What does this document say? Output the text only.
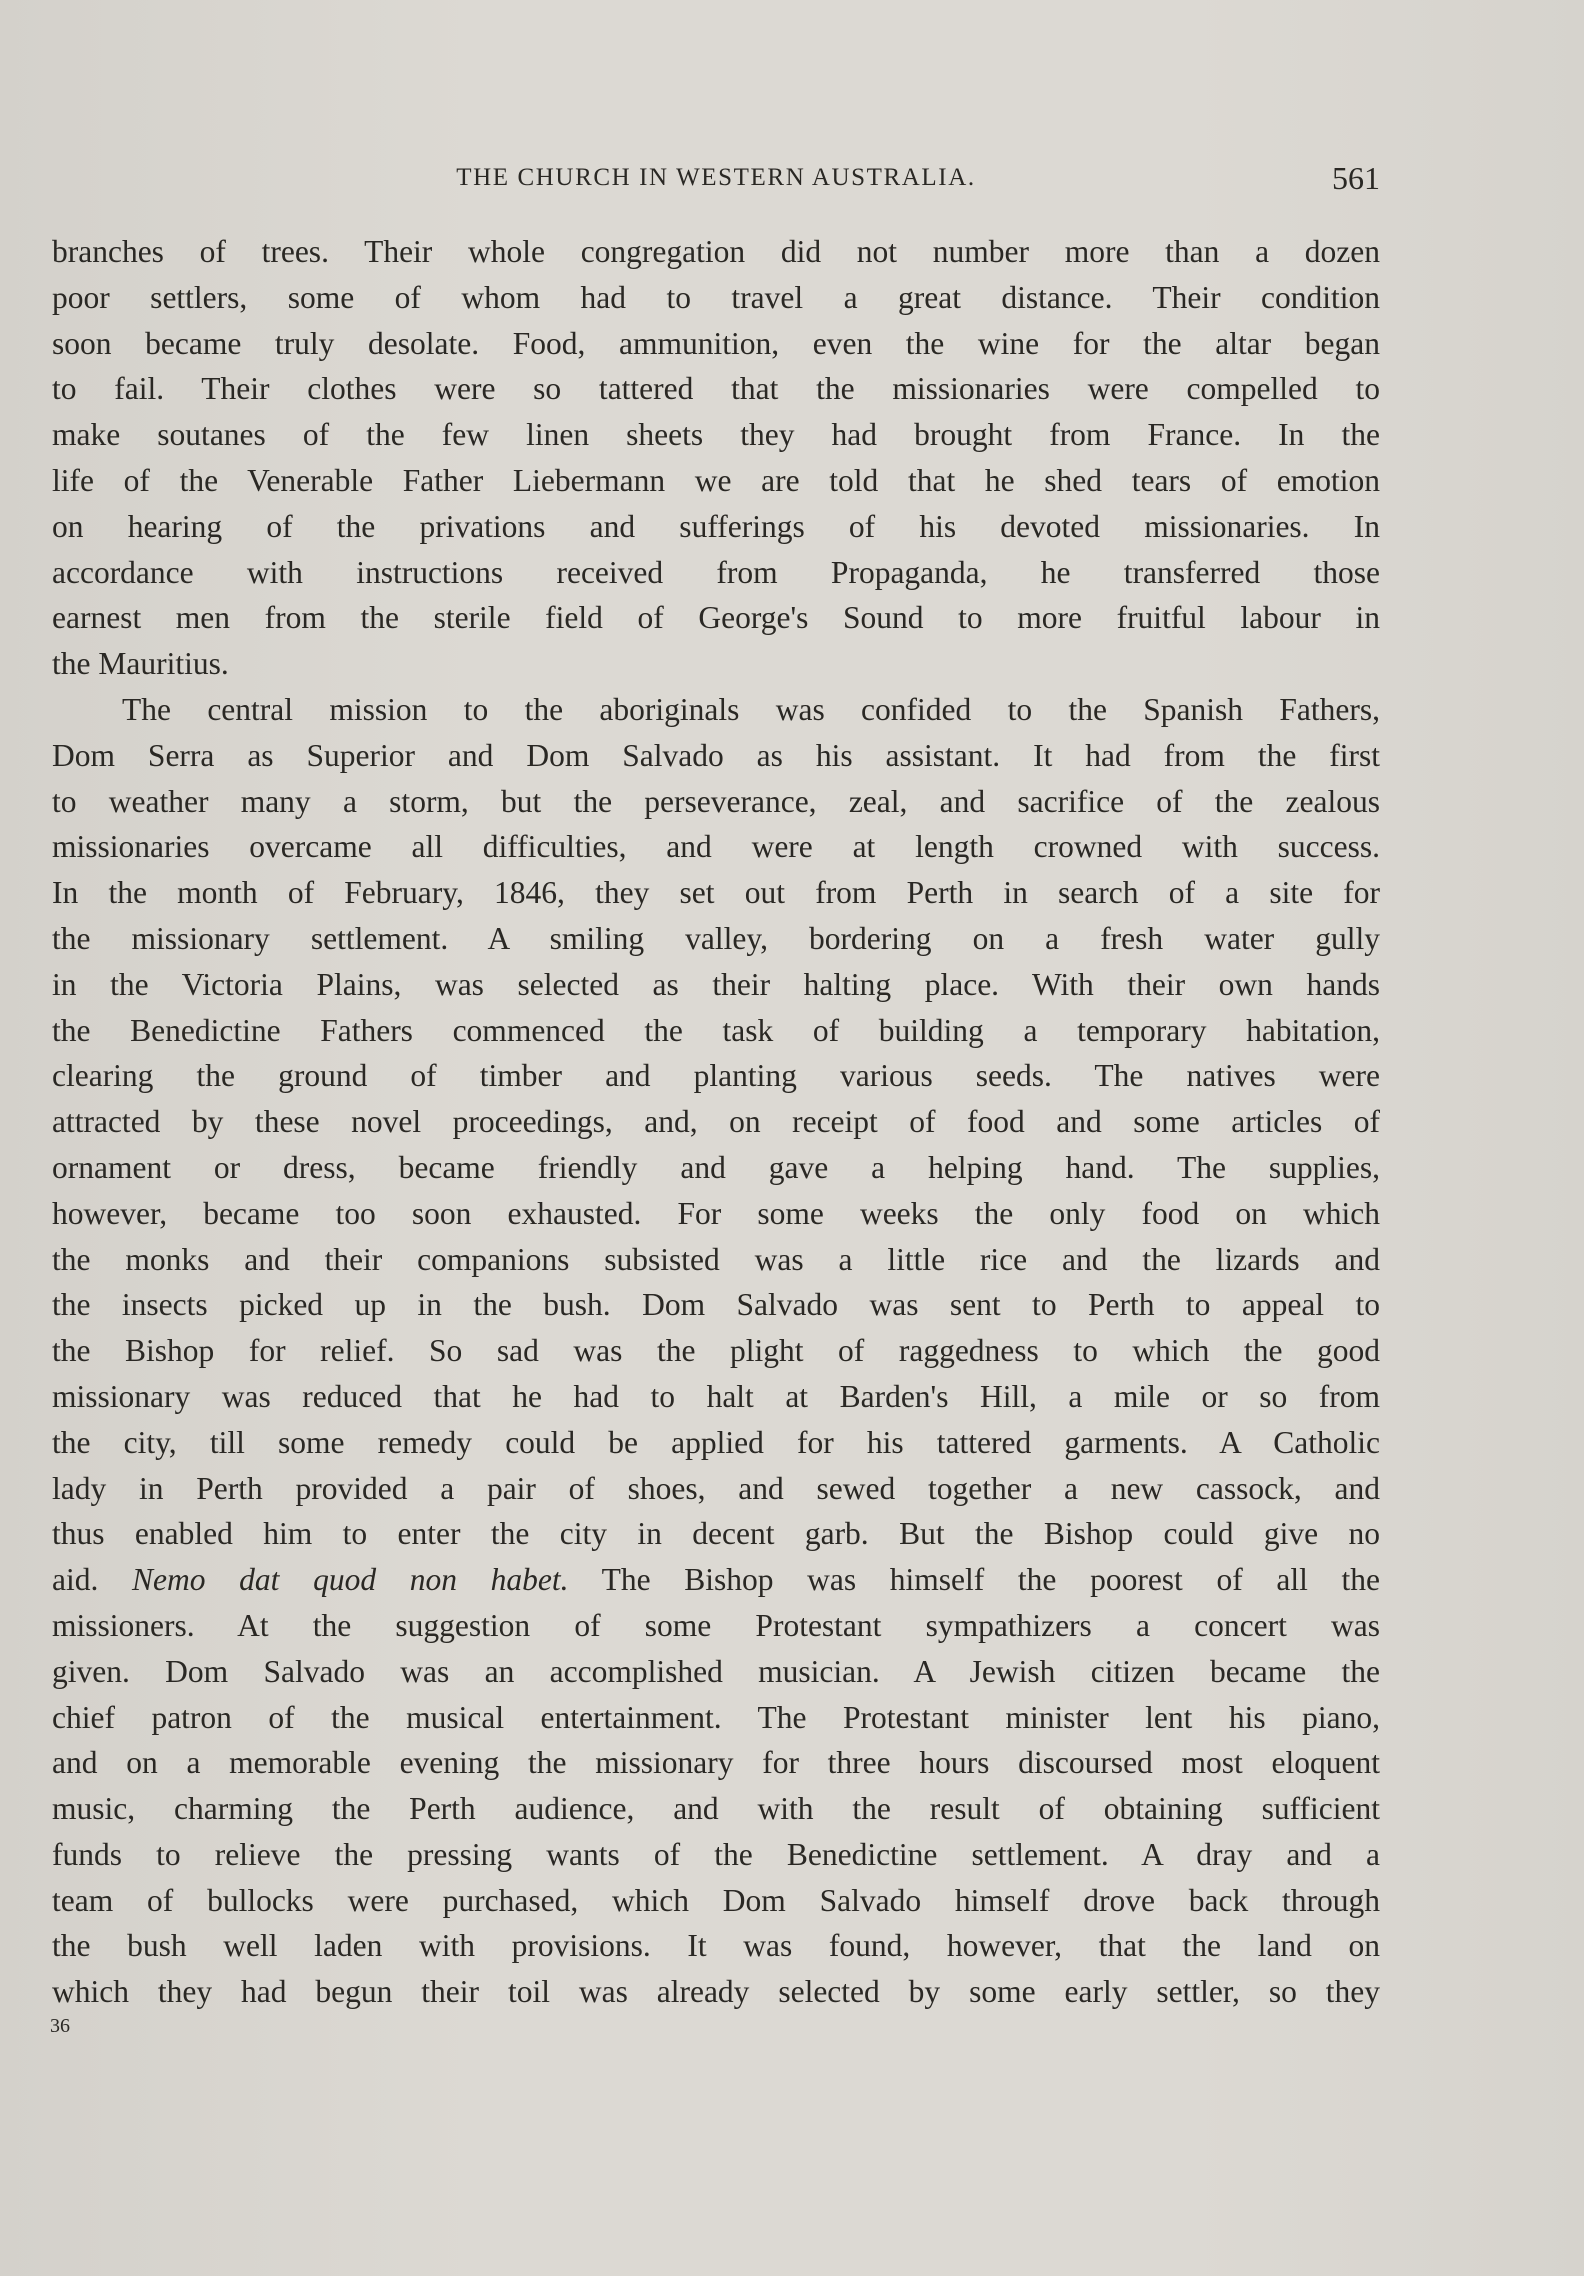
THE CHURCH IN WESTERN AUSTRALIA.	561
branches of trees. Their whole congregation did not number more than a dozen
poor settlers, some of whom had to travel a great distance. Their condition
soon became truly desolate. Food, ammunition, even the wine for the altar began
to fail. Their clothes were so tattered that the missionaries were compelled to
make soutanes of the few linen sheets they had brought from France. In the
life of the Venerable Father Liebermann we are told that he shed tears of emotion
on hearing of the privations and sufferings of his devoted missionaries. In
accordance with instructions received from Propaganda, he transferred those
earnest men from the sterile field of George's Sound to more fruitful labour in
the Mauritius.
The central mission to the aboriginals was confided to the Spanish Fathers,
Dom Serra as Superior and Dom Salvado as his assistant. It had from the first
to weather many a storm, but the perseverance, zeal, and sacrifice of the zealous
missionaries overcame all difficulties, and were at length crowned with success.
In the month of February, 1846, they set out from Perth in search of a site for
the missionary settlement. A smiling valley, bordering on a fresh water gully
in the Victoria Plains, was selected as their halting place. With their own hands
the Benedictine Fathers commenced the task of building a temporary habitation,
clearing the ground of timber and planting various seeds. The natives were
attracted by these novel proceedings, and, on receipt of food and some articles of
ornament or dress, became friendly and gave a helping hand. The supplies,
however, became too soon exhausted. For some weeks the only food on which
the monks and their companions subsisted was a little rice and the lizards and
the insects picked up in the bush. Dom Salvado was sent to Perth to appeal to
the Bishop for relief. So sad was the plight of raggedness to which the good
missionary was reduced that he had to halt at Barden's Hill, a mile or so from
the city, till some remedy could be applied for his tattered garments. A Catholic
lady in Perth provided a pair of shoes, and sewed together a new cassock, and
thus enabled him to enter the city in decent garb. But the Bishop could give no
aid. Nemo dat quod non habet. The Bishop was himself the poorest of all the
missioners. At the suggestion of some Protestant sympathizers a concert was
given. Dom Salvado was an accomplished musician. A Jewish citizen became the
chief patron of the musical entertainment. The Protestant minister lent his piano,
and on a memorable evening the missionary for three hours discoursed most eloquent
music, charming the Perth audience, and with the result of obtaining sufficient
funds to relieve the pressing wants of the Benedictine settlement. A dray and a
team of bullocks were purchased, which Dom Salvado himself drove back through
the bush well laden with provisions. It was found, however, that the land on
which they had begun their toil was already selected by some early settler, so they
36
